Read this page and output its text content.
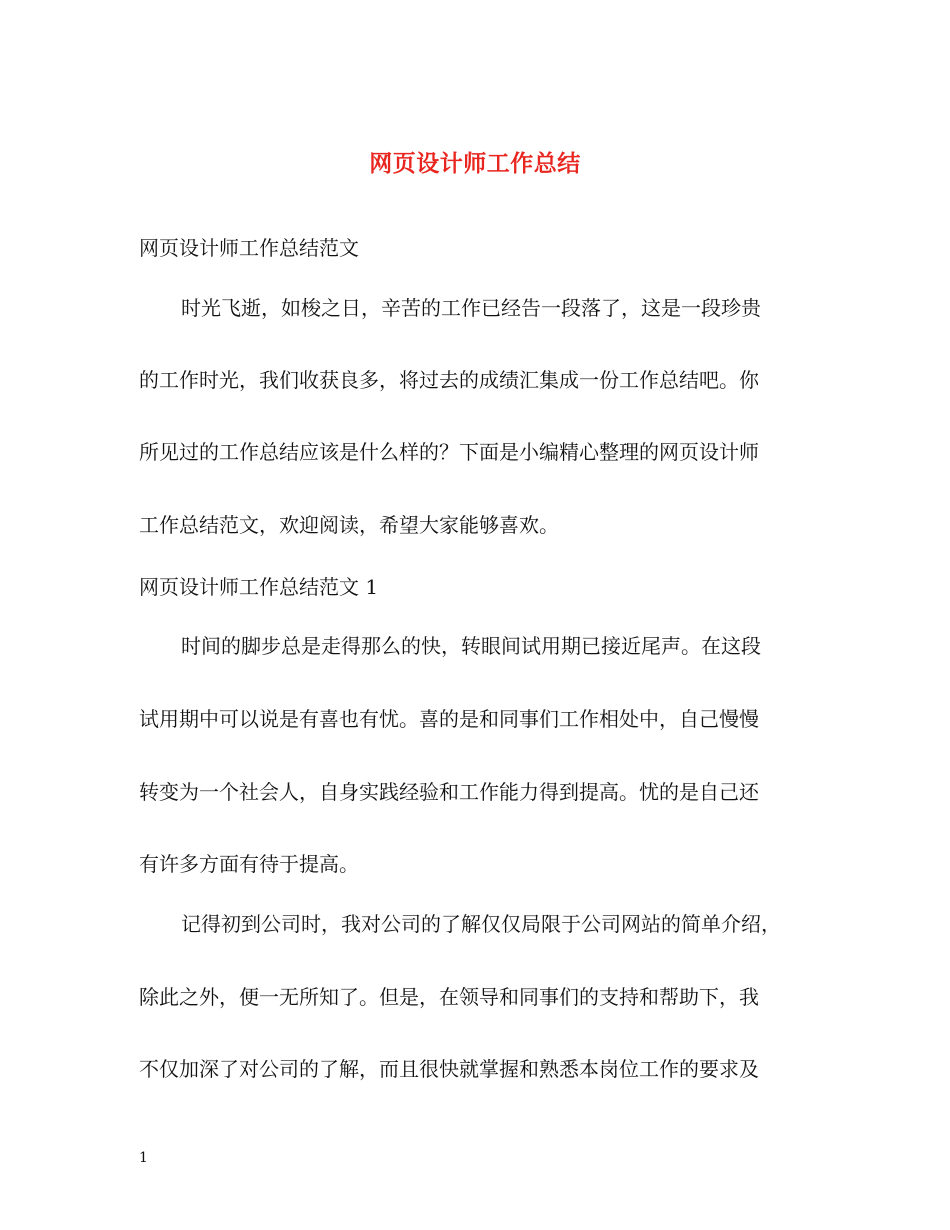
网页设计师工作总结
网页设计师工作总结范文
时光飞逝，如梭之日，辛苦的工作已经告一段落了，这是一段珍贵
的工作时光，我们收获良多，将过去的成绩汇集成一份工作总结吧。你
所见过的工作总结应该是什么样的？下面是小编精心整理的网页设计师
工作总结范文，欢迎阅读，希望大家能够喜欢。
网页设计师工作总结范文 1
时间的脚步总是走得那么的快，转眼间试用期已接近尾声。在这段
试用期中可以说是有喜也有忧。喜的是和同事们工作相处中，自己慢慢
转变为一个社会人，自身实践经验和工作能力得到提高。忧的是自己还
有许多方面有待于提高。
记得初到公司时，我对公司的了解仅仅局限于公司网站的简单介绍，
除此之外，便一无所知了。但是，在领导和同事们的支持和帮助下，我
不仅加深了对公司的了解，而且很快就掌握和熟悉本岗位工作的要求及
1
